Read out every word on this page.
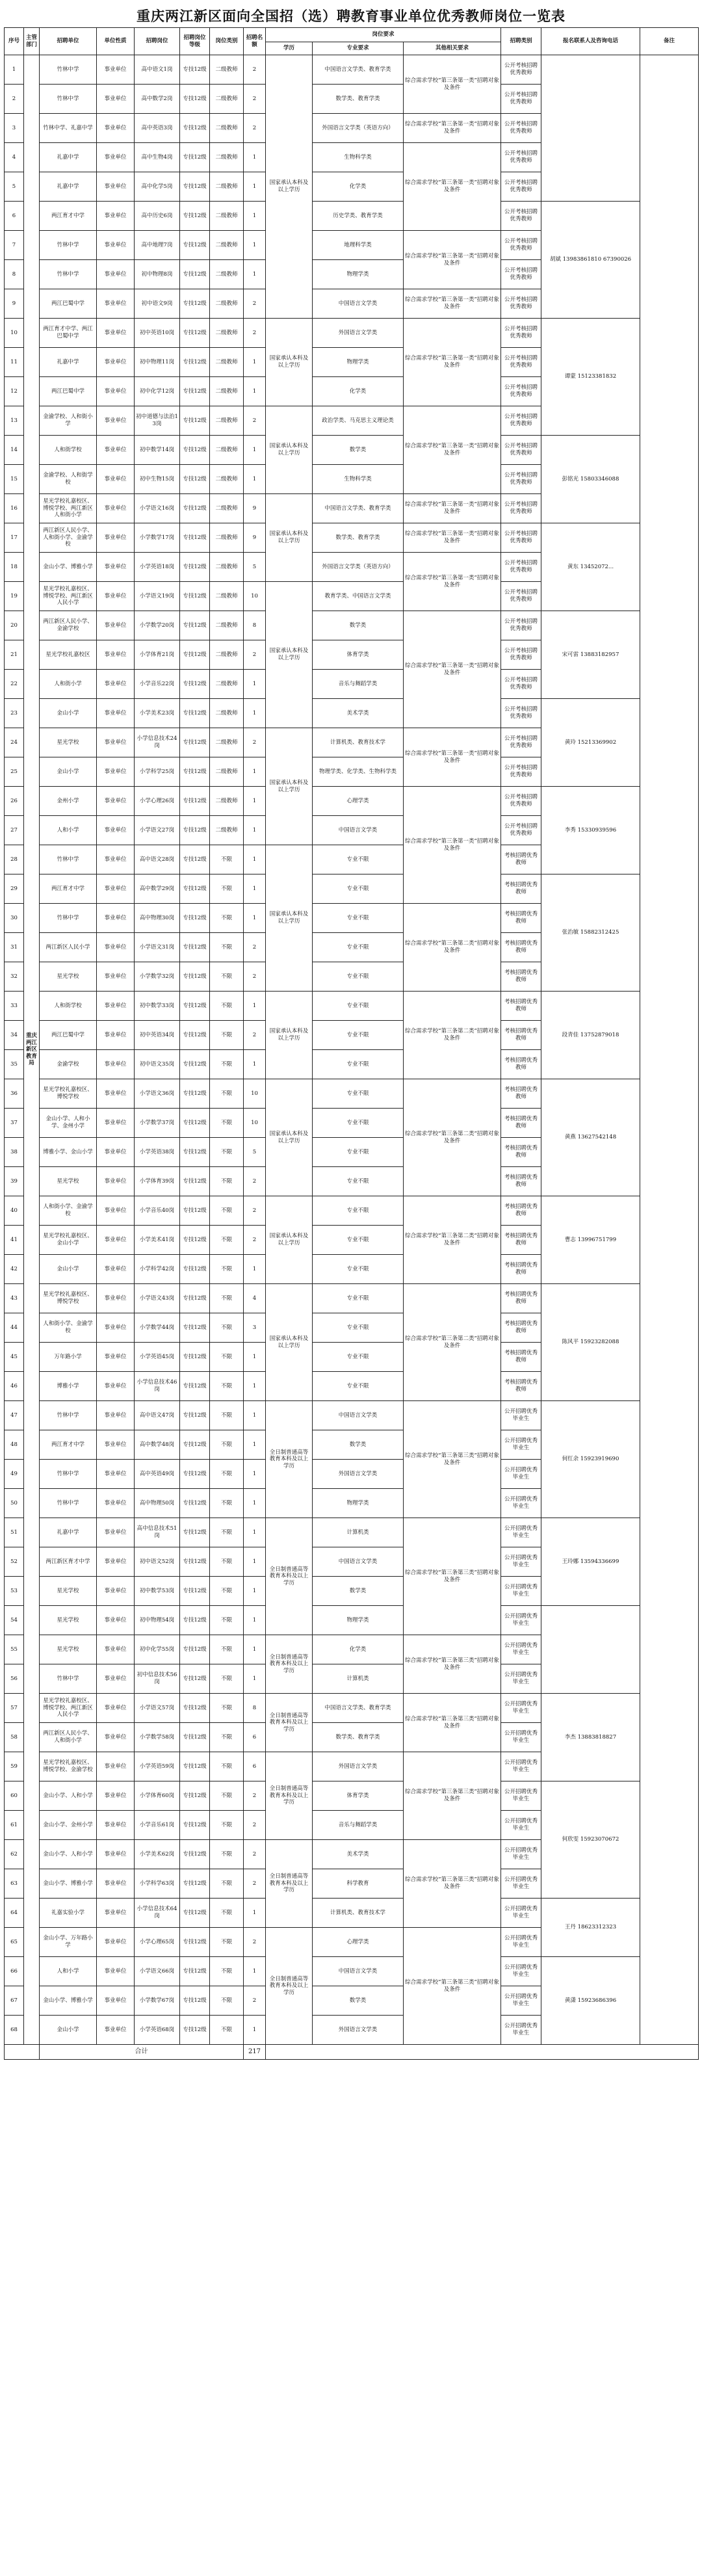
重庆两江新区面向全国招（选）聘教育事业单位优秀教师岗位一览表
序号	主管部门	招聘单位	单位性质	招聘岗位	招聘岗位等级	岗位类别	招聘名额	岗位要求			招聘类别	报名联系人及咨询电话	备注
								学历	专业要求	其他相关要求			
1	重庆两江新区教育局	竹林中学	事业单位	高中语文1岗	专技12级	二级教师	2	国家承认本科及以上学历	中国语言文学类、教育学类	综合需求学校“第三条第一类”招聘对象及条件	公开考核招聘优秀教师		
2		竹林中学	事业单位	高中数学2岗	专技12级	二级教师	2		数学类、教育学类		公开考核招聘优秀教师		
3		竹林中学、礼嘉中学	事业单位	高中英语3岗	专技12级	二级教师	2		外国语言文学类（英语方向）	综合需求学校“第三条第一类”招聘对象及条件	公开考核招聘优秀教师		
4		礼嘉中学	事业单位	高中生物4岗	专技12级	二级教师	1		生物科学类	综合需求学校“第三条第一类”招聘对象及条件	公开考核招聘优秀教师		
5		礼嘉中学	事业单位	高中化学5岗	专技12级	二级教师	1		化学类		公开考核招聘优秀教师		
6		两江育才中学	事业单位	高中历史6岗	专技12级	二级教师	1		历史学类、教育学类		公开考核招聘优秀教师	胡斌 13983861810 67390026	
7		竹林中学	事业单位	高中地理7岗	专技12级	二级教师	1		地理科学类	综合需求学校“第三条第一类”招聘对象及条件	公开考核招聘优秀教师		
8		竹林中学	事业单位	初中物理8岗	专技12级	二级教师	1		物理学类		公开考核招聘优秀教师		
9		两江巴蜀中学	事业单位	初中语文9岗	专技12级	二级教师	2		中国语言文学类	综合需求学校“第三条第一类”招聘对象及条件	公开考核招聘优秀教师		
10		两江育才中学、两江巴蜀中学	事业单位	初中英语10岗	专技12级	二级教师	2	国家承认本科及以上学历	外国语言文学类	综合需求学校“第三条第一类”招聘对象及条件	公开考核招聘优秀教师	谭蒙 15123381832	
11		礼嘉中学	事业单位	初中物理11岗	专技12级	二级教师	1		物理学类		公开考核招聘优秀教师		
12		两江巴蜀中学	事业单位	初中化学12岗	专技12级	二级教师	1		化学类		公开考核招聘优秀教师		
13		金渝学校、人和街小学	事业单位	初中道德与法治13岗	专技12级	二级教师	2	国家承认本科及以上学历	政治学类、马克思主义理论类	综合需求学校“第三条第一类”招聘对象及条件	公开考核招聘优秀教师		
14		人和街学校	事业单位	初中数学14岗	专技12级	二级教师	1		数学类		公开考核招聘优秀教师	彭铭光 15803346088	
15		金渝学校、人和街学校	事业单位	初中生物15岗	专技12级	二级教师	1		生物科学类		公开考核招聘优秀教师		
16		星光学校礼嘉校区、博悦学校、两江新区人和街小学	事业单位	小学语文16岗	专技12级	二级教师	9	国家承认本科及以上学历	中国语言文学类、教育学类	综合需求学校“第三条第一类”招聘对象及条件	公开考核招聘优秀教师		
17		两江新区人民小学、人和街小学、金渝学校	事业单位	小学数学17岗	专技12级	二级教师	9		数学类、教育学类	综合需求学校“第三条第一类”招聘对象及条件	公开考核招聘优秀教师	黄东 13452072...	
18		金山小学、博雅小学	事业单位	小学英语18岗	专技12级	二级教师	5		外国语言文学类（英语方向）	综合需求学校“第三条第一类”招聘对象及条件	公开考核招聘优秀教师		
19		星光学校礼嘉校区、博悦学校、两江新区人民小学	事业单位	小学语文19岗	专技12级	二级教师	10	国家承认本科及以上学历	教育学类、中国语言文学类		公开考核招聘优秀教师		
20		两江新区人民小学、金渝学校	事业单位	小学数学20岗	专技12级	二级教师	8		数学类	综合需求学校“第三条第一类”招聘对象及条件	公开考核招聘优秀教师	宋可雷 13883182957	
21		星光学校礼嘉校区	事业单位	小学体育21岗	专技12级	二级教师	2		体育学类		公开考核招聘优秀教师		
22		人和街小学	事业单位	小学音乐22岗	专技12级	二级教师	1		音乐与舞蹈学类		公开考核招聘优秀教师		
23		金山小学	事业单位	小学美术23岗	专技12级	二级教师	1		美术学类		公开考核招聘优秀教师	黄玲 15213369902	
24		星光学校	事业单位	小学信息技术24岗	专技12级	二级教师	2	国家承认本科及以上学历	计算机类、教育技术学	综合需求学校“第三条第一类”招聘对象及条件	公开考核招聘优秀教师		
25		金山小学	事业单位	小学科学25岗	专技12级	二级教师	1		物理学类、化学类、生物科学类		公开考核招聘优秀教师		
26		金州小学	事业单位	小学心理26岗	专技12级	二级教师	1		心理学类	综合需求学校“第三条第一类”招聘对象及条件	公开考核招聘优秀教师	李秀 15330939596	
27		人和小学	事业单位	小学语文27岗	专技12级	二级教师	1		中国语言文学类		公开考核招聘优秀教师		
28		竹林中学	事业单位	高中语文28岗	专技12级	不限	1	国家承认本科及以上学历	专业不限		考核招聘优秀教师		
29		两江育才中学	事业单位	高中数学29岗	专技12级	不限	1		专业不限		考核招聘优秀教师	张治敏 15882312425	
30		竹林中学	事业单位	高中物理30岗	专技12级	不限	1		专业不限	综合需求学校“第三条第二类”招聘对象及条件	考核招聘优秀教师		
31		两江新区人民小学	事业单位	小学语文31岗	专技12级	不限	2		专业不限		考核招聘优秀教师		
32		星光学校	事业单位	小学数学32岗	专技12级	不限	2		专业不限		考核招聘优秀教师		
33		人和街学校	事业单位	初中数学33岗	专技12级	不限	1	国家承认本科及以上学历	专业不限	综合需求学校“第三条第二类”招聘对象及条件	考核招聘优秀教师	段青佳 13752879018	
34		两江巴蜀中学	事业单位	初中英语34岗	专技12级	不限	2		专业不限		考核招聘优秀教师		
35		金渝学校	事业单位	初中语文35岗	专技12级	不限	1		专业不限		考核招聘优秀教师		
36		星光学校礼嘉校区、博悦学校	事业单位	小学语文36岗	专技12级	不限	10	国家承认本科及以上学历	专业不限	综合需求学校“第三条第二类”招聘对象及条件	考核招聘优秀教师	黄燕 13627542148	
37		金山小学、人和小学、金州小学	事业单位	小学数学37岗	专技12级	不限	10		专业不限		考核招聘优秀教师		
38		博雅小学、金山小学	事业单位	小学英语38岗	专技12级	不限	5		专业不限		考核招聘优秀教师		
39		星光学校	事业单位	小学体育39岗	专技12级	不限	2		专业不限		考核招聘优秀教师		
40		人和街小学、金渝学校	事业单位	小学音乐40岗	专技12级	不限	2	国家承认本科及以上学历	专业不限	综合需求学校“第三条第二类”招聘对象及条件	考核招聘优秀教师	曹志 13996751799	
41		星光学校礼嘉校区、金山小学	事业单位	小学美术41岗	专技12级	不限	2		专业不限		考核招聘优秀教师		
42		金山小学	事业单位	小学科学42岗	专技12级	不限	1		专业不限		考核招聘优秀教师		
43		星光学校礼嘉校区、博悦学校	事业单位	小学语文43岗	专技12级	不限	4	国家承认本科及以上学历	专业不限	综合需求学校“第三条第二类”招聘对象及条件	考核招聘优秀教师	陈风平 15923282088	
44		人和街小学、金渝学校	事业单位	小学数学44岗	专技12级	不限	3		专业不限		考核招聘优秀教师		
45		万年路小学	事业单位	小学英语45岗	专技12级	不限	1		专业不限		考核招聘优秀教师		
46		博雅小学	事业单位	小学信息技术46岗	专技12级	不限	1		专业不限		考核招聘优秀教师		
47		竹林中学	事业单位	高中语文47岗	专技12级	不限	1	全日制普通高等教育本科及以上学历	中国语言文学类	综合需求学校“第三条第三类”招聘对象及条件	公开招聘优秀毕业生	何红余 15923919690	
48		两江育才中学	事业单位	高中数学48岗	专技12级	不限	1		数学类		公开招聘优秀毕业生		
49		竹林中学	事业单位	高中英语49岗	专技12级	不限	1		外国语言文学类		公开招聘优秀毕业生		
50		竹林中学	事业单位	高中物理50岗	专技12级	不限	1		物理学类		公开招聘优秀毕业生		
51		礼嘉中学	事业单位	高中信息技术51岗	专技12级	不限	1	全日制普通高等教育本科及以上学历	计算机类	综合需求学校“第三条第三类”招聘对象及条件	公开招聘优秀毕业生	王玲娜 13594336699	
52		两江新区育才中学	事业单位	初中语文52岗	专技12级	不限	1		中国语言文学类		公开招聘优秀毕业生		
53		星光学校	事业单位	初中数学53岗	专技12级	不限	1		数学类		公开招聘优秀毕业生		
54		星光学校	事业单位	初中物理54岗	专技12级	不限	1		物理学类		公开招聘优秀毕业生		
55		星光学校	事业单位	初中化学55岗	专技12级	不限	1	全日制普通高等教育本科及以上学历	化学类	综合需求学校“第三条第三类”招聘对象及条件	公开招聘优秀毕业生		
56		竹林中学	事业单位	初中信息技术56岗	专技12级	不限	1		计算机类		公开招聘优秀毕业生		
57		星光学校礼嘉校区、博悦学校、两江新区人民小学	事业单位	小学语文57岗	专技12级	不限	8	全日制普通高等教育本科及以上学历	中国语言文学类、教育学类	综合需求学校“第三条第三类”招聘对象及条件	公开招聘优秀毕业生	李杰 13883818827	
58		两江新区人民小学、人和街小学	事业单位	小学数学58岗	专技12级	不限	6		数学类、教育学类		公开招聘优秀毕业生		
59		星光学校礼嘉校区、博悦学校、金渝学校	事业单位	小学英语59岗	专技12级	不限	6	全日制普通高等教育本科及以上学历	外国语言文学类	综合需求学校“第三条第三类”招聘对象及条件	公开招聘优秀毕业生		
60		金山小学、人和小学	事业单位	小学体育60岗	专技12级	不限	2		体育学类		公开招聘优秀毕业生	何欣雯 15923070672	
61		金山小学、金州小学	事业单位	小学音乐61岗	专技12级	不限	2		音乐与舞蹈学类		公开招聘优秀毕业生		
62		金山小学、人和小学	事业单位	小学美术62岗	专技12级	不限	2	全日制普通高等教育本科及以上学历	美术学类	综合需求学校“第三条第三类”招聘对象及条件	公开招聘优秀毕业生		
63		金山小学、博雅小学	事业单位	小学科学63岗	专技12级	不限	2		科学教育		公开招聘优秀毕业生		
64		礼嘉实验小学	事业单位	小学信息技术64岗	专技12级	不限	1		计算机类、教育技术学		公开招聘优秀毕业生	王丹 18623312323	
65		金山小学、万年路小学	事业单位	小学心理65岗	专技12级	不限	2	全日制普通高等教育本科及以上学历	心理学类	综合需求学校“第三条第三类”招聘对象及条件	公开招聘优秀毕业生		
66		人和小学	事业单位	小学语文66岗	专技12级	不限	1		中国语言文学类		公开招聘优秀毕业生	黄潇 15923686396	
67		金山小学、博雅小学	事业单位	小学数学67岗	专技12级	不限	2		数学类		公开招聘优秀毕业生		
68		金山小学	事业单位	小学英语68岗	专技12级	不限	1		外国语言文学类		公开招聘优秀毕业生		
		合计					217						
